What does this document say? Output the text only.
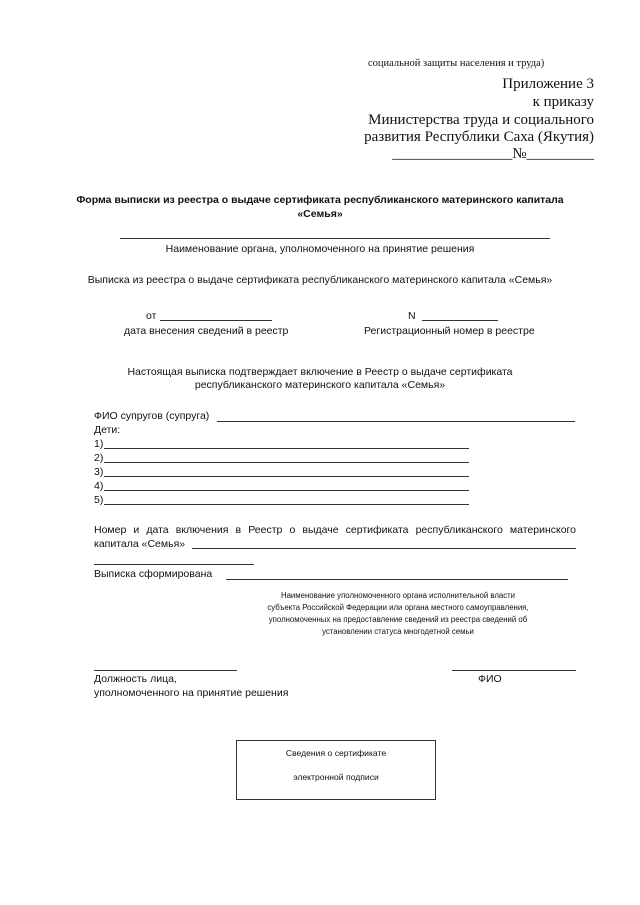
социальной защиты населения и труда)
Приложение 3
к приказу
Министерства труда и социального
развития Республики Саха (Якутия)
________________№_________
Форма выписки из реестра о выдаче сертификата республиканского материнского капитала
«Семья»
Наименование органа, уполномоченного на принятие решения
Выписка из реестра о выдаче сертификата республиканского материнского капитала «Семья»
от
дата внесения сведений в реестр
N
Регистрационный номер в реестре
Настоящая выписка подтверждает включение в Реестр о выдаче сертификата
республиканского материнского капитала «Семья»
ФИО супругов (супруга)
Дети:
1)
2)
3)
4)
5)
Номер и дата включения в Реестр о выдаче сертификата республиканского материнского
капитала «Семья»
Выписка сформирована
Наименование уполномоченного органа исполнительной власти
субъекта Российской Федерации или органа местного самоуправления,
уполномоченных на предоставление сведений из реестра сведений об
установлении статуса многодетной семьи
Должность лица,
уполномоченного на принятие решения
ФИО
Сведения о сертификате
электронной подписи
